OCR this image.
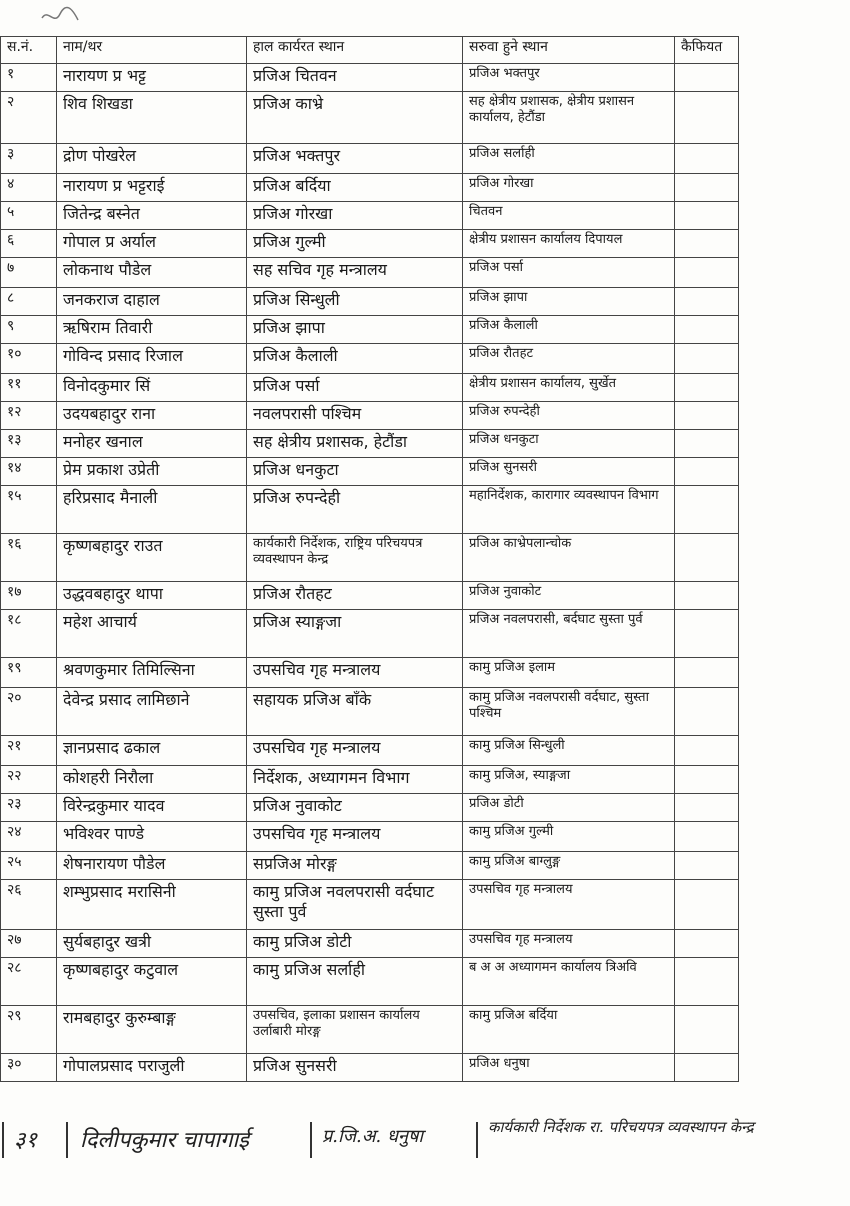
स.नं.	नाम/थर	हाल कार्यरत स्थान	सरुवा हुने स्थान	कैफियत
१	नारायण प्र भट्ट	प्रजिअ चितवन	प्रजिअ भक्तपुर	
२	शिव शिखडा	प्रजिअ काभ्रे	सह क्षेत्रीय प्रशासक, क्षेत्रीय प्रशासन कार्यालय, हेटौंडा	
३	द्रोण पोखरेल	प्रजिअ भक्तपुर	प्रजिअ सर्लाही	
४	नारायण प्र भट्टराई	प्रजिअ बर्दिया	प्रजिअ गोरखा	
५	जितेन्द्र बस्नेत	प्रजिअ गोरखा	चितवन	
६	गोपाल प्र अर्याल	प्रजिअ गुल्मी	क्षेत्रीय प्रशासन कार्यालय दिपायल	
७	लोकनाथ पौडेल	सह सचिव गृह मन्त्रालय	प्रजिअ पर्सा	
८	जनकराज दाहाल	प्रजिअ सिन्धुली	प्रजिअ झापा	
९	ऋषिराम तिवारी	प्रजिअ झापा	प्रजिअ कैलाली	
१०	गोविन्द प्रसाद रिजाल	प्रजिअ कैलाली	प्रजिअ रौतहट	
११	विनोदकुमार सिं	प्रजिअ पर्सा	क्षेत्रीय प्रशासन कार्यालय, सुर्खेत	
१२	उदयबहादुर राना	नवलपरासी पश्चिम	प्रजिअ रुपन्देही	
१३	मनोहर खनाल	सह क्षेत्रीय प्रशासक, हेटौंडा	प्रजिअ धनकुटा	
१४	प्रेम प्रकाश उप्रेती	प्रजिअ धनकुटा	प्रजिअ सुनसरी	
१५	हरिप्रसाद मैनाली	प्रजिअ रुपन्देही	महानिर्देशक, कारागार व्यवस्थापन विभाग	
१६	कृष्णबहादुर राउत	कार्यकारी निर्देशक, राष्ट्रिय परिचयपत्र व्यवस्थापन केन्द्र	प्रजिअ काभ्रेपलान्चोक	
१७	उद्धवबहादुर थापा	प्रजिअ रौतहट	प्रजिअ नुवाकोट	
१८	महेश आचार्य	प्रजिअ स्याङ्गजा	प्रजिअ नवलपरासी, बर्दघाट सुस्ता पुर्व	
१९	श्रवणकुमार तिमिल्सिना	उपसचिव गृह मन्त्रालय	कामु प्रजिअ इलाम	
२०	देवेन्द्र प्रसाद लामिछाने	सहायक प्रजिअ बाँके	कामु प्रजिअ नवलपरासी वर्दघाट, सुस्ता पश्चिम	
२१	ज्ञानप्रसाद ढकाल	उपसचिव गृह मन्त्रालय	कामु प्रजिअ सिन्धुली	
२२	कोशहरी निरौला	निर्देशक, अध्यागमन विभाग	कामु प्रजिअ, स्याङ्गजा	
२३	विरेन्द्रकुमार यादव	प्रजिअ नुवाकोट	प्रजिअ डोटी	
२४	भविश्वर पाण्डे	उपसचिव गृह मन्त्रालय	कामु प्रजिअ गुल्मी	
२५	शेषनारायण पौडेल	सप्रजिअ मोरङ्ग	कामु प्रजिअ बाग्लुङ्ग	
२६	शम्भुप्रसाद मरासिनी	कामु प्रजिअ नवलपरासी वर्दघाट सुस्ता पुर्व	उपसचिव गृह मन्त्रालय	
२७	सुर्यबहादुर खत्री	कामु प्रजिअ डोटी	उपसचिव गृह मन्त्रालय	
२८	कृष्णबहादुर कटुवाल	कामु प्रजिअ सर्लाही	ब अ अ अध्यागमन कार्यालय त्रिअवि	
२९	रामबहादुर कुरुम्बाङ्ग	उपसचिव, इलाका प्रशासन कार्यालय उर्लाबारी मोरङ्ग	कामु प्रजिअ बर्दिया	
३०	गोपालप्रसाद पराजुली	प्रजिअ सुनसरी	प्रजिअ धनुषा	
३१ दिलीपकुमार चापागाई	प्र.जि.अ. धनुषा	कार्यकारी निर्देशक रा. परिचयपत्र व्यवस्थापन केन्द्र
